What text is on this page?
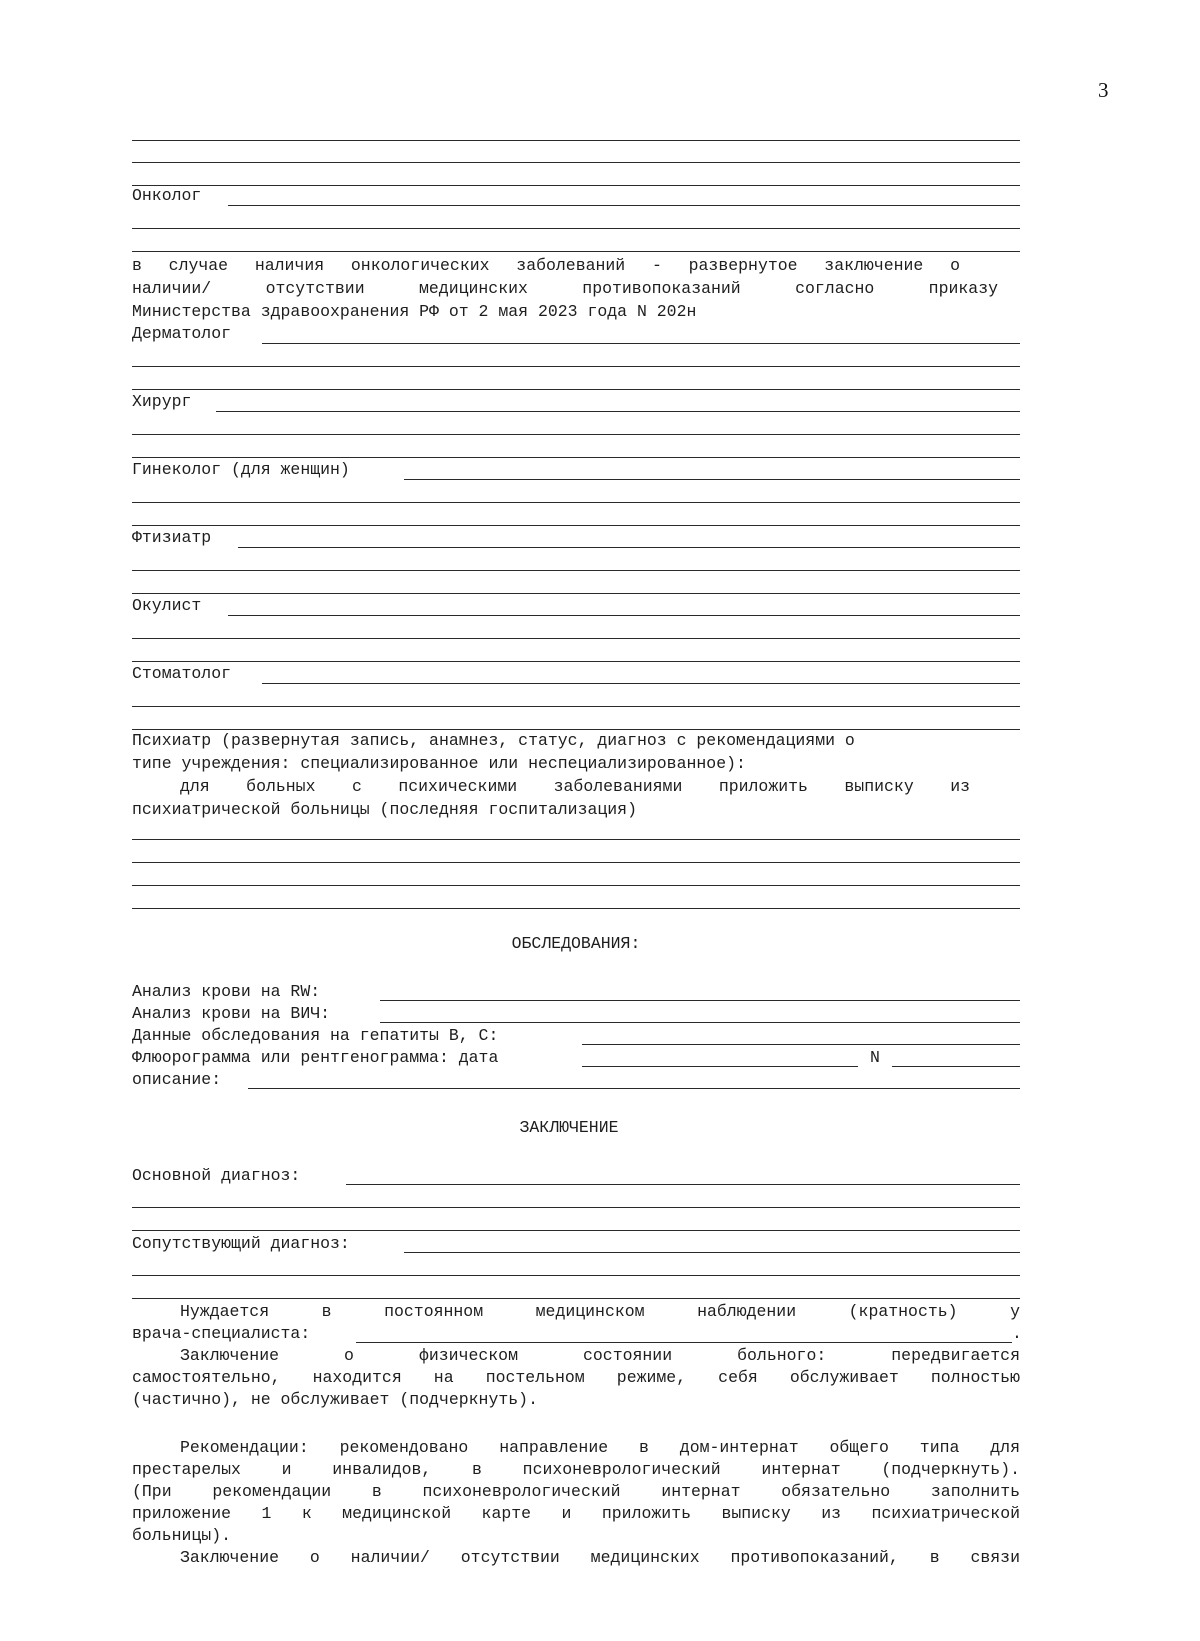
3
Онколог
в случае наличия онкологических заболеваний - развернутое заключение о
наличии/ отсутствии медицинских противопоказаний согласно приказу
Министерства здравоохранения РФ от 2 мая 2023 года N 202н
Дерматолог
Хирург
Гинеколог (для женщин)
Фтизиатр
Окулист
Стоматолог
Психиатр (развернутая запись, анамнез, статус, диагноз с рекомендациями о
типе учреждения: специализированное или неспециализированное):
для больных с психическими заболеваниями приложить выписку из
психиатрической больницы (последняя госпитализация)
ОБСЛЕДОВАНИЯ:
Анализ крови на RW:
Анализ крови на ВИЧ:
Данные обследования на гепатиты В, С:
Флюорограмма или рентгенограмма: дата	N
описание:
ЗАКЛЮЧЕНИЕ
Основной диагноз:
Сопутствующий диагноз:
Нуждается в постоянном медицинском наблюдении (кратность) у
врача-специалиста:	.
Заключение о физическом состоянии больного: передвигается
самостоятельно, находится на постельном режиме, себя обслуживает полностью
(частично), не обслуживает (подчеркнуть).
Рекомендации: рекомендовано направление в дом-интернат общего типа для
престарелых и инвалидов, в психоневрологический интернат (подчеркнуть).
(При рекомендации в психоневрологический интернат обязательно заполнить
приложение 1 к медицинской карте и приложить выписку из психиатрической
больницы).
Заключение о наличии/ отсутствии медицинских противопоказаний, в связи
